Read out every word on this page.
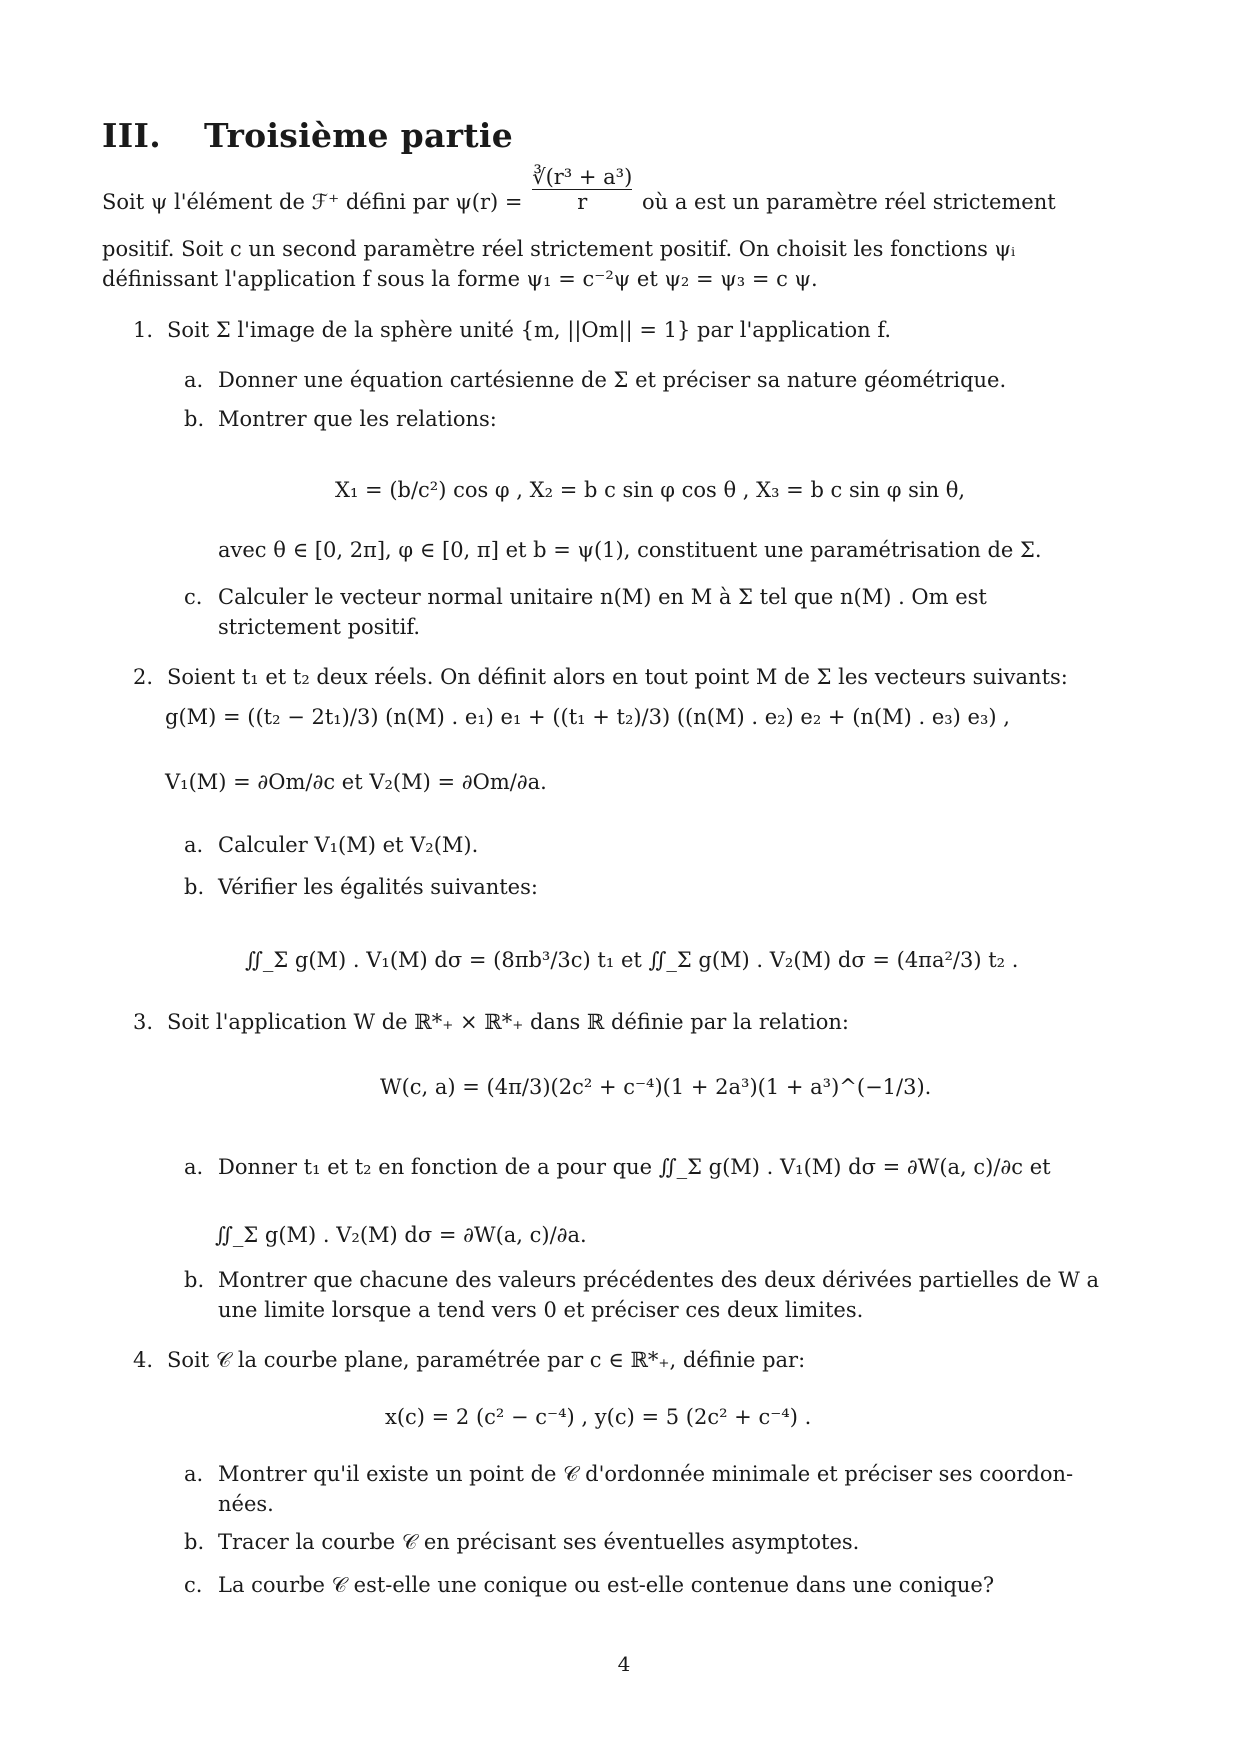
III. Troisième partie
Soit ψ l'élément de ℱ⁺ défini par $\psi(r) = \frac{\text{∛(r³ + a³)}}{r}$ où a est un paramètre réel strictement
positif. Soit c un second paramètre réel strictement positif. On choisit les fonctions ψᵢ
définissant l'application f sous la forme ψ₁ = c⁻²ψ et ψ₂ = ψ₃ = c ψ.
1. Soit Σ l'image de la sphère unité {m, ||Om|| = 1} par l'application f.
a. Donner une équation cartésienne de Σ et préciser sa nature géométrique.
b. Montrer que les relations:
X₁ = (b/c²) cos φ , X₂ = b c sin φ cos θ , X₃ = b c sin φ sin θ,
avec θ ∈ [0, 2π], φ ∈ [0, π] et b = ψ(1), constituent une paramétrisation de Σ.
c. Calculer le vecteur normal unitaire n(M) en M à Σ tel que n(M) . Om est
strictement positif.
2. Soient t₁ et t₂ deux réels. On définit alors en tout point M de Σ les vecteurs suivants:
g(M) = ((t₂ − 2t₁)/3) (n(M) . e₁) e₁ + ((t₁ + t₂)/3) ((n(M) . e₂) e₂ + (n(M) . e₃) e₃) ,
V₁(M) = ∂Om/∂c et V₂(M) = ∂Om/∂a.
a. Calculer V₁(M) et V₂(M).
b. Vérifier les égalités suivantes:
∬_Σ g(M) . V₁(M) dσ = (8πb³/3c) t₁ et ∬_Σ g(M) . V₂(M) dσ = (4πa²/3) t₂ .
3. Soit l'application W de ℝ*₊ × ℝ*₊ dans ℝ définie par la relation:
W(c, a) = (4π/3)(2c² + c⁻⁴)(1 + 2a³)(1 + a³)^(−1/3).
a. Donner t₁ et t₂ en fonction de a pour que ∬_Σ g(M) . V₁(M) dσ = ∂W(a, c)/∂c et
∬_Σ g(M) . V₂(M) dσ = ∂W(a, c)/∂a.
b. Montrer que chacune des valeurs précédentes des deux dérivées partielles de W a
une limite lorsque a tend vers 0 et préciser ces deux limites.
4. Soit 𝒞 la courbe plane, paramétrée par c ∈ ℝ*₊, définie par:
x(c) = 2 (c² − c⁻⁴) , y(c) = 5 (2c² + c⁻⁴) .
a. Montrer qu'il existe un point de 𝒞 d'ordonnée minimale et préciser ses coordon-
nées.
b. Tracer la courbe 𝒞 en précisant ses éventuelles asymptotes.
c. La courbe 𝒞 est-elle une conique ou est-elle contenue dans une conique?
4
